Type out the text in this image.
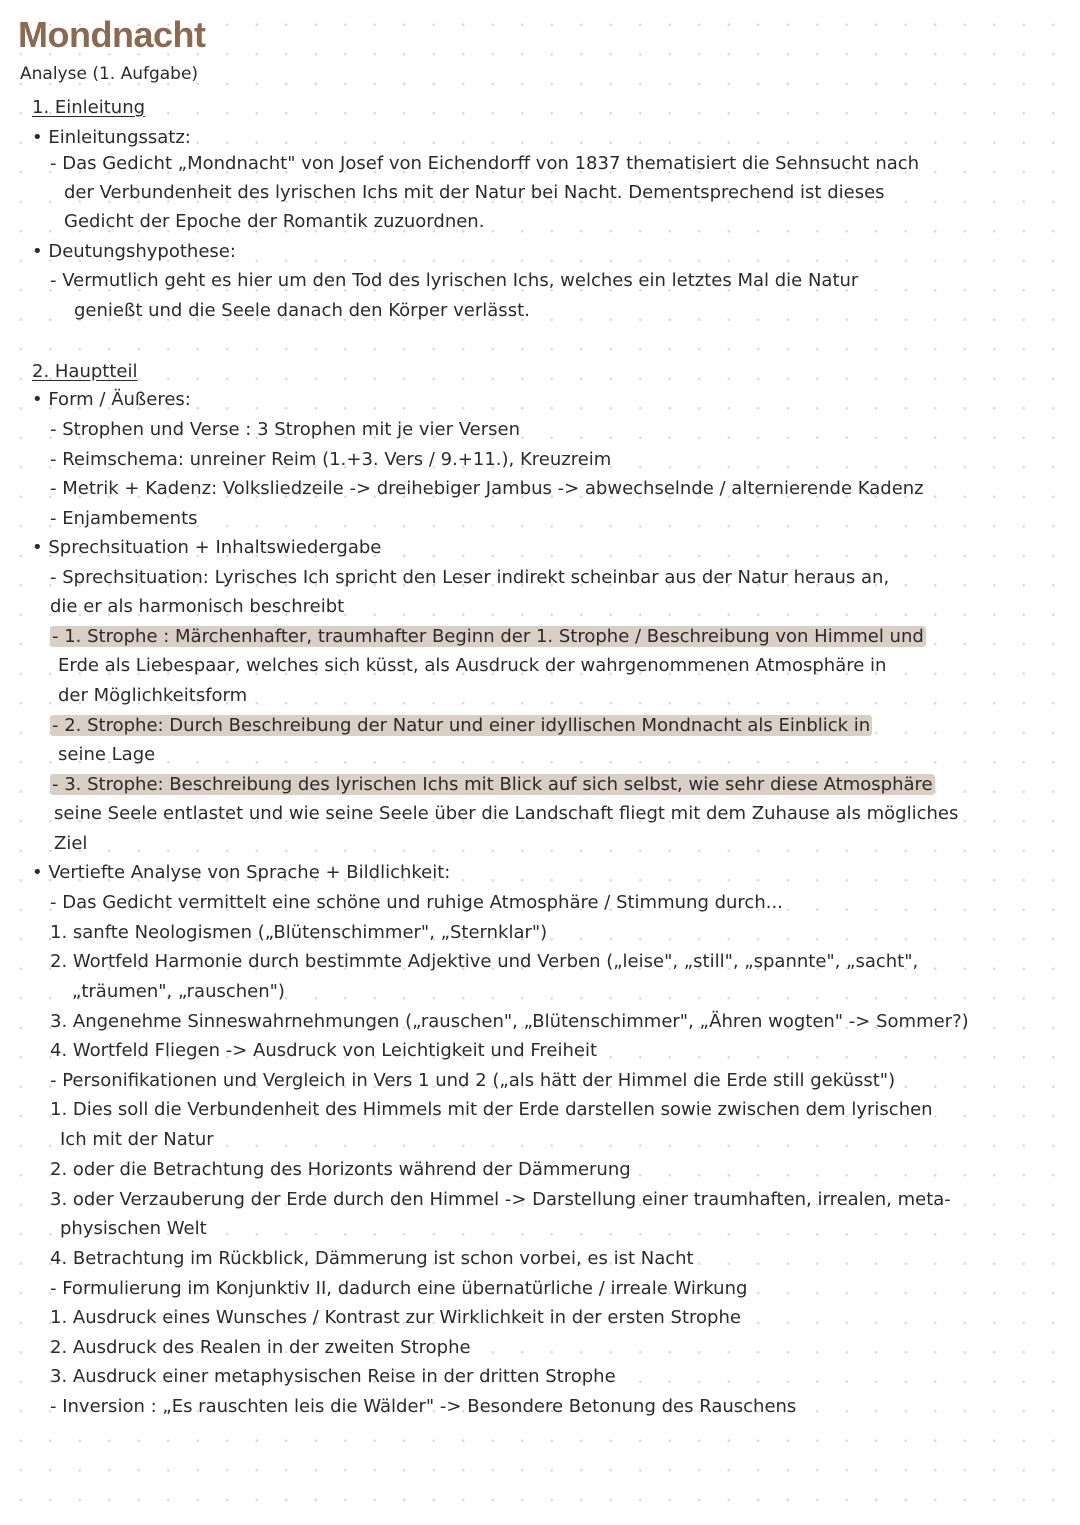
Mondnacht
Analyse (1. Aufgabe)
1. Einleitung
• Einleitungssatz:
- Das Gedicht „Mondnacht" von Josef von Eichendorff von 1837 thematisiert die Sehnsucht nach
der Verbundenheit des lyrischen Ichs mit der Natur bei Nacht. Dementsprechend ist dieses
Gedicht der Epoche der Romantik zuzuordnen.
• Deutungshypothese:
- Vermutlich geht es hier um den Tod des lyrischen Ichs, welches ein letztes Mal die Natur
genießt und die Seele danach den Körper verlässt.
2. Hauptteil
• Form / Äußeres:
- Strophen und Verse : 3 Strophen mit je vier Versen
- Reimschema: unreiner Reim (1.+3. Vers / 9.+11.), Kreuzreim
- Metrik + Kadenz: Volksliedzeile -> dreihebiger Jambus -> abwechselnde / alternierende Kadenz
- Enjambements
• Sprechsituation + Inhaltswiedergabe
- Sprechsituation: Lyrisches Ich spricht den Leser indirekt scheinbar aus der Natur heraus an,
die er als harmonisch beschreibt
- 1. Strophe : Märchenhafter, traumhafter Beginn der 1. Strophe / Beschreibung von Himmel und
Erde als Liebespaar, welches sich küsst, als Ausdruck der wahrgenommenen Atmosphäre in
der Möglichkeitsform
- 2. Strophe: Durch Beschreibung der Natur und einer idyllischen Mondnacht als Einblick in
seine Lage
- 3. Strophe: Beschreibung des lyrischen Ichs mit Blick auf sich selbst, wie sehr diese Atmosphäre
seine Seele entlastet und wie seine Seele über die Landschaft fliegt mit dem Zuhause als mögliches
Ziel
• Vertiefte Analyse von Sprache + Bildlichkeit:
- Das Gedicht vermittelt eine schöne und ruhige Atmosphäre / Stimmung durch...
1. sanfte Neologismen („Blütenschimmer", „Sternklar")
2. Wortfeld Harmonie durch bestimmte Adjektive und Verben („leise", „still", „spannte", „sacht",
„träumen", „rauschen")
3. Angenehme Sinneswahrnehmungen („rauschen", „Blütenschimmer", „Ähren wogten" -> Sommer?)
4. Wortfeld Fliegen -> Ausdruck von Leichtigkeit und Freiheit
- Personifikationen und Vergleich in Vers 1 und 2 („als hätt der Himmel die Erde still geküsst")
1. Dies soll die Verbundenheit des Himmels mit der Erde darstellen sowie zwischen dem lyrischen
Ich mit der Natur
2. oder die Betrachtung des Horizonts während der Dämmerung
3. oder Verzauberung der Erde durch den Himmel -> Darstellung einer traumhaften, irrealen, meta-
physischen Welt
4. Betrachtung im Rückblick, Dämmerung ist schon vorbei, es ist Nacht
- Formulierung im Konjunktiv II, dadurch eine übernatürliche / irreale Wirkung
1. Ausdruck eines Wunsches / Kontrast zur Wirklichkeit in der ersten Strophe
2. Ausdruck des Realen in der zweiten Strophe
3. Ausdruck einer metaphysischen Reise in der dritten Strophe
- Inversion : „Es rauschten leis die Wälder" -> Besondere Betonung des Rauschens
